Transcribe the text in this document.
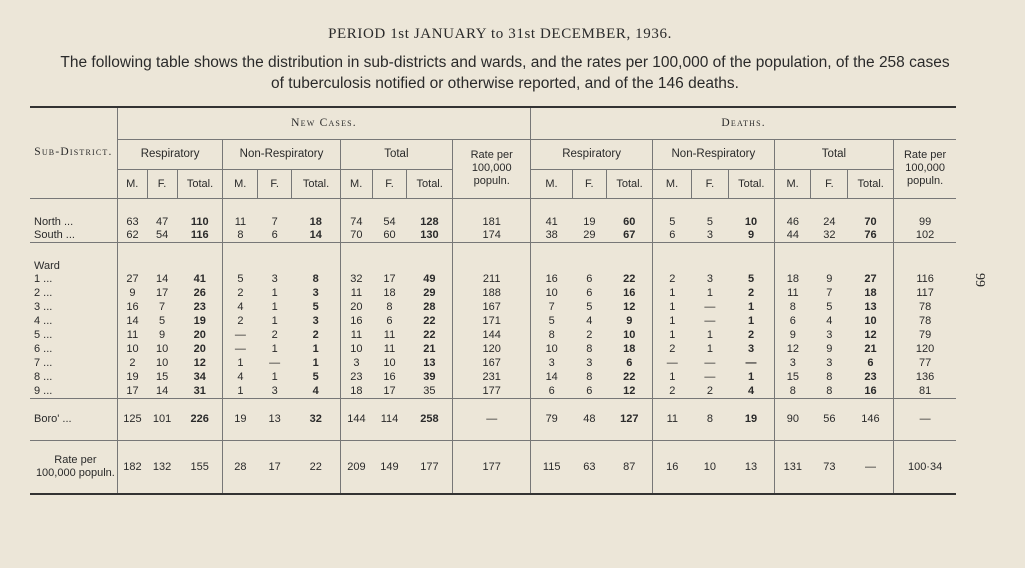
PERIOD 1st JANUARY to 31st DECEMBER, 1936.
The following table shows the distribution in sub-districts and wards, and the rates per 100,000 of the population, of the 258 cases of tuberculosis notified or otherwise reported, and of the 146 deaths.
99
Sub-District.	New Cases.										Deaths.									
	Respiratory			Non-Respiratory			Total			Rate per 100,000 populn.	Respiratory			Non-Respiratory			Total			Rate per 100,000 populn.
	M.	F.	Total.	M.	F.	Total.	M.	F.	Total.		M.	F.	Total.	M.	F.	Total.	M.	F.	Total.	
North ...	63	47	110	11	7	18	74	54	128	181	41	19	60	5	5	10	46	24	70	99
South ...	62	54	116	8	6	14	70	60	130	174	38	29	67	6	3	9	44	32	76	102
Ward																				
1 ...	27	14	41	5	3	8	32	17	49	211	16	6	22	2	3	5	18	9	27	116
2 ...	9	17	26	2	1	3	11	18	29	188	10	6	16	1	1	2	11	7	18	117
3 ...	16	7	23	4	1	5	20	8	28	167	7	5	12	1	—	1	8	5	13	78
4 ...	14	5	19	2	1	3	16	6	22	171	5	4	9	1	—	1	6	4	10	78
5 ...	11	9	20	—	2	2	11	11	22	144	8	2	10	1	1	2	9	3	12	79
6 ...	10	10	20	—	1	1	10	11	21	120	10	8	18	2	1	3	12	9	21	120
7 ...	2	10	12	1	—	1	3	10	13	167	3	3	6	—	—	—	3	3	6	77
8 ...	19	15	34	4	1	5	23	16	39	231	14	8	22	1	—	1	15	8	23	136
9 ...	17	14	31	1	3	4	18	17	35	177	6	6	12	2	2	4	8	8	16	81
Boro' ...	125	101	226	19	13	32	144	114	258	—	79	48	127	11	8	19	90	56	146	—
Rate per 100,000 populn.	182	132	155	28	17	22	209	149	177	177	115	63	87	16	10	13	131	73	—	100·34
